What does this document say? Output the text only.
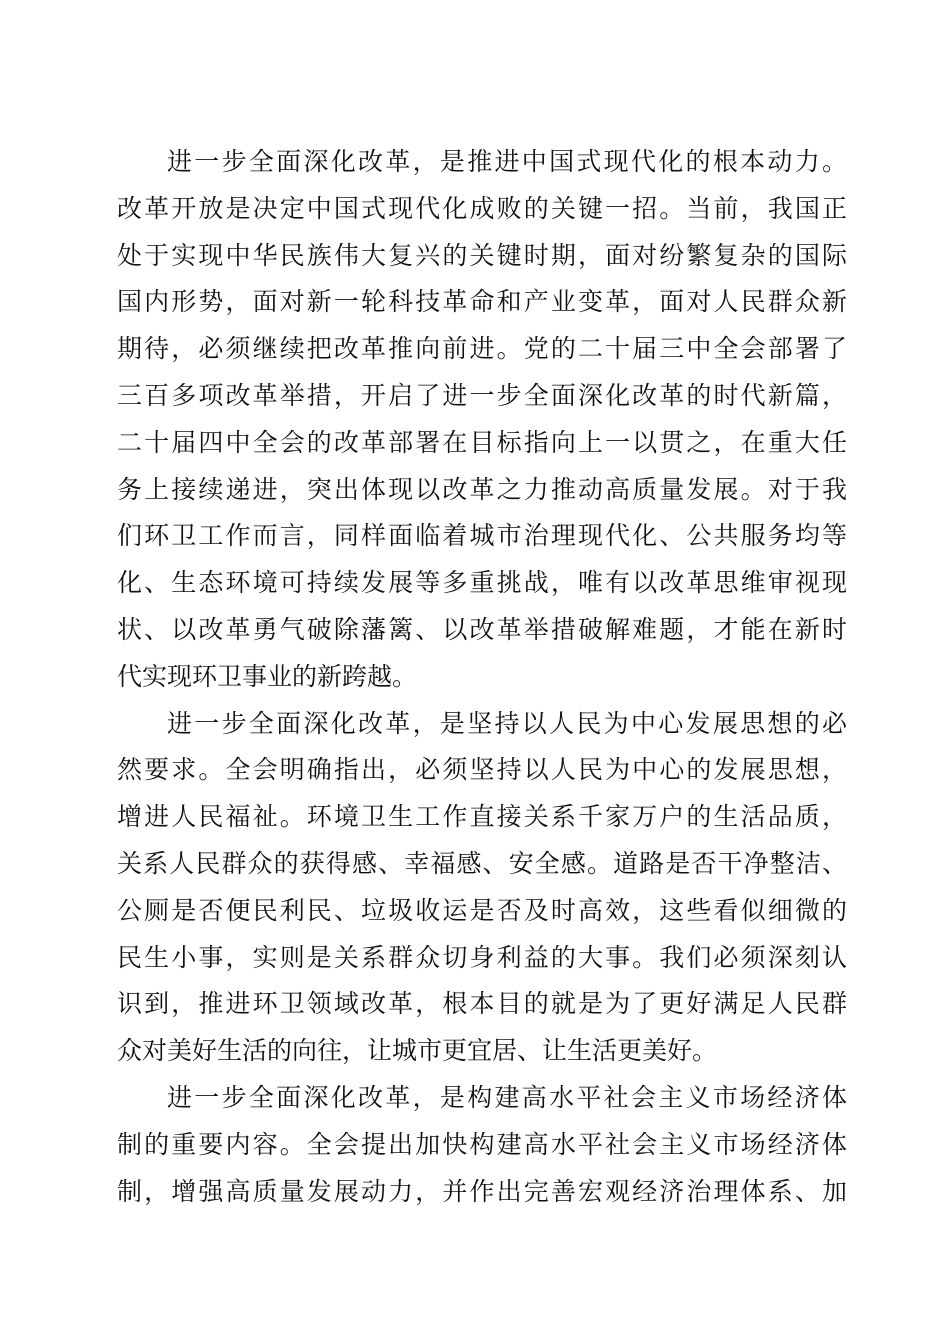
进一步全面深化改革，是推进中国式现代化的根本动力。
改革开放是决定中国式现代化成败的关键一招。当前，我国正
处于实现中华民族伟大复兴的关键时期，面对纷繁复杂的国际
国内形势，面对新一轮科技革命和产业变革，面对人民群众新
期待，必须继续把改革推向前进。党的二十届三中全会部署了
三百多项改革举措，开启了进一步全面深化改革的时代新篇，
二十届四中全会的改革部署在目标指向上一以贯之，在重大任
务上接续递进，突出体现以改革之力推动高质量发展。对于我
们环卫工作而言，同样面临着城市治理现代化、公共服务均等
化、生态环境可持续发展等多重挑战，唯有以改革思维审视现
状、以改革勇气破除藩篱、以改革举措破解难题，才能在新时
代实现环卫事业的新跨越。
进一步全面深化改革，是坚持以人民为中心发展思想的必
然要求。全会明确指出，必须坚持以人民为中心的发展思想，
增进人民福祉。环境卫生工作直接关系千家万户的生活品质，
关系人民群众的获得感、幸福感、安全感。道路是否干净整洁、
公厕是否便民利民、垃圾收运是否及时高效，这些看似细微的
民生小事，实则是关系群众切身利益的大事。我们必须深刻认
识到，推进环卫领域改革，根本目的就是为了更好满足人民群
众对美好生活的向往，让城市更宜居、让生活更美好。
进一步全面深化改革，是构建高水平社会主义市场经济体
制的重要内容。全会提出加快构建高水平社会主义市场经济体
制，增强高质量发展动力，并作出完善宏观经济治理体系、加
